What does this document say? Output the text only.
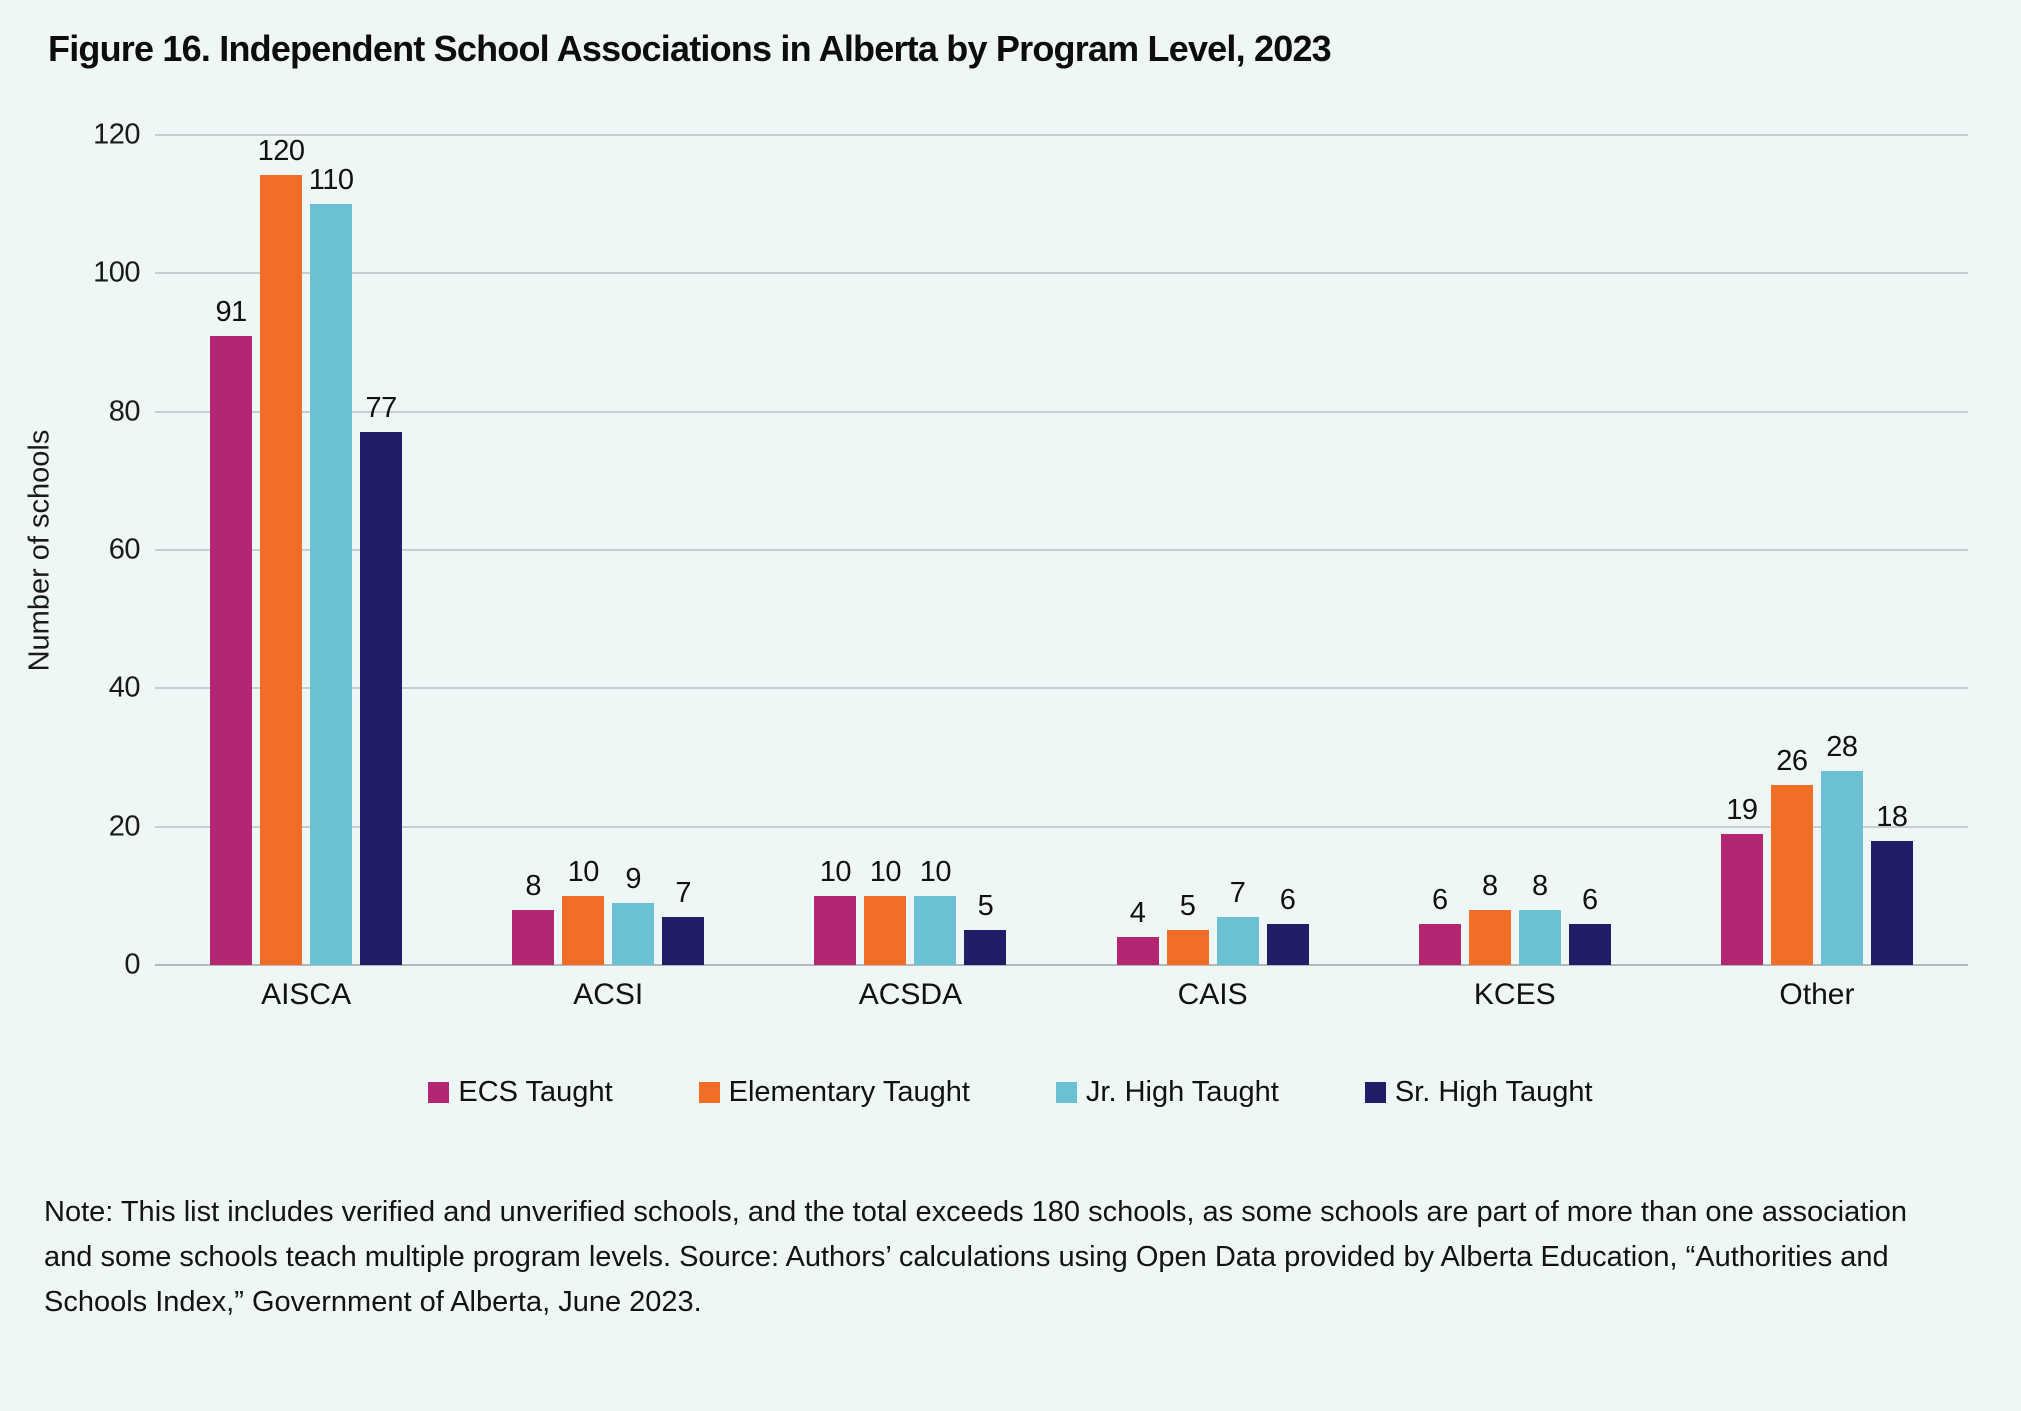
Figure 16. Independent School Associations in Alberta by Program Level, 2023
Number of schools
0
20
40
60
80
100
120
91
120
110
77
8 10 9 7
10 10 10
5	4 5 7 6	6 8 8 6
19
26 28
18
AISCA	ACSI	ACSDA	CAIS	KCES	Other
ECS Taught	Elementary Taught	Jr. High Taught	Sr. High Taught
Note: This list includes verified and unverified schools, and the total exceeds 180 schools, as some schools are part of more than one association and some schools teach multiple program levels. Source: Authors’ calculations using Open Data provided by Alberta Education, “Authorities and Schools Index,” Government of Alberta, June 2023.
